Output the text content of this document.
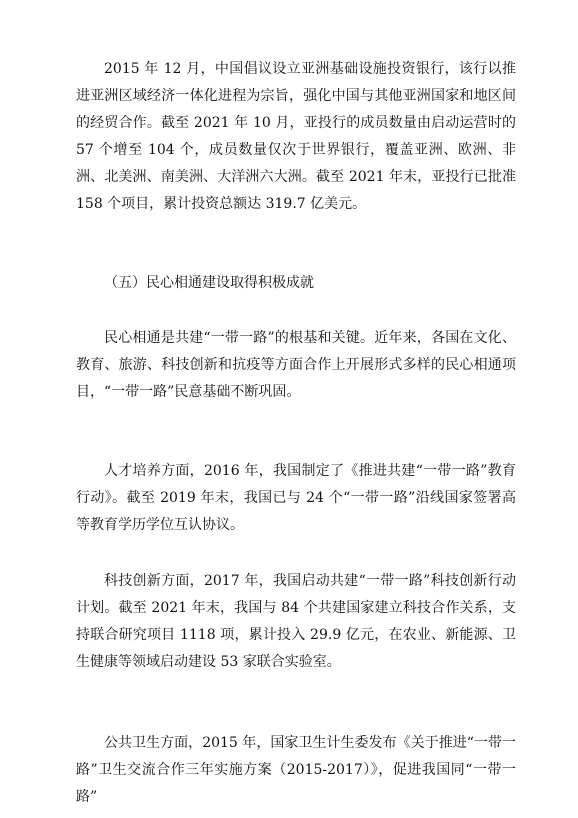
2015 年 12 月，中国倡议设立亚洲基础设施投资银行，该行以推进亚洲区域经济一体化进程为宗旨，强化中国与其他亚洲国家和地区间的经贸合作。截至 2021 年 10 月，亚投行的成员数量由启动运营时的 57 个增至 104 个，成员数量仅次于世界银行，覆盖亚洲、欧洲、非洲、北美洲、南美洲、大洋洲六大洲。截至 2021 年末，亚投行已批准 158 个项目，累计投资总额达 319.7 亿美元。

（五）民心相通建设取得积极成就

民心相通是共建“一带一路”的根基和关键。近年来，各国在文化、教育、旅游、科技创新和抗疫等方面合作上开展形式多样的民心相通项目，“一带一路”民意基础不断巩固。

人才培养方面，2016 年，我国制定了《推进共建“一带一路”教育行动》。截至 2019 年末，我国已与 24 个“一带一路”沿线国家签署高等教育学历学位互认协议。

科技创新方面，2017 年，我国启动共建“一带一路”科技创新行动计划。截至 2021 年末，我国与 84 个共建国家建立科技合作关系，支持联合研究项目 1118 项，累计投入 29.9 亿元，在农业、新能源、卫生健康等领域启动建设 53 家联合实验室。

公共卫生方面，2015 年，国家卫生计生委发布《关于推进“一带一路”卫生交流合作三年实施方案（2015-2017）》，促进我国同“一带一路”
